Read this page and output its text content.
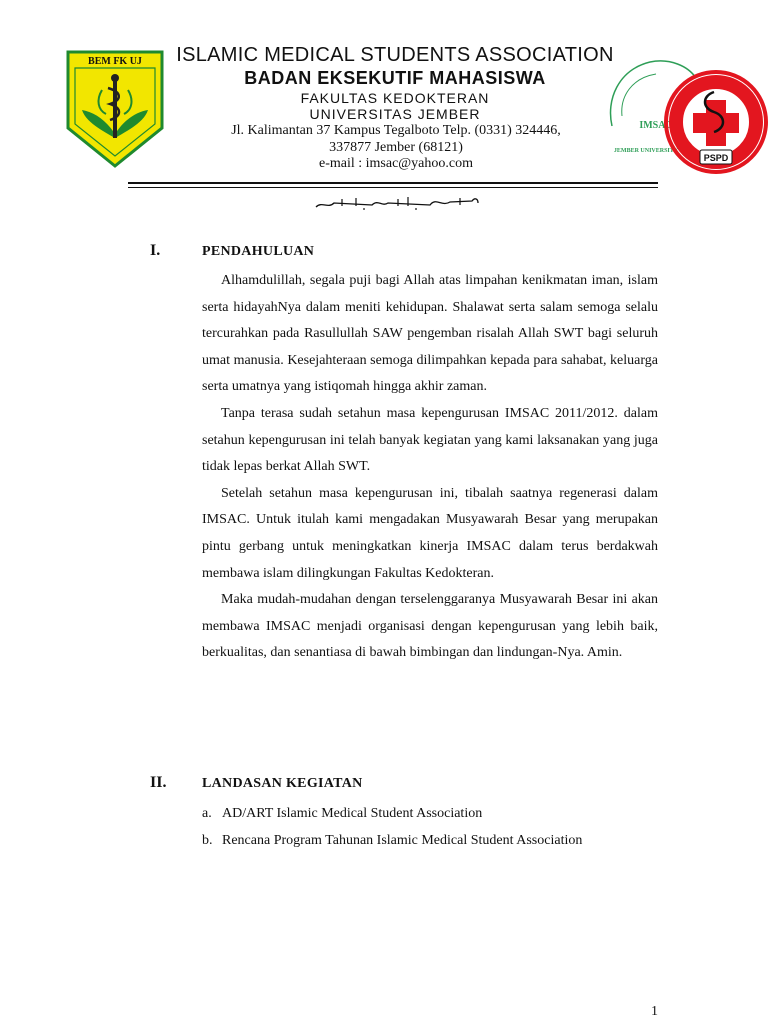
BEM FK UJ	ISLAMIC MEDICAL STUDENTS ASSOCIATION
BADAN EKSEKUTIF MAHASISWA
FAKULTAS KEDOKTERAN
UNIVERSITAS JEMBER
Jl. Kalimantan 37 Kampus Tegalboto Telp. (0331) 324446,
337877 Jember (68121)
e-mail : imsac@yahoo.com
IMSAC
JEMBER UNIVERSITY
PSPD
I.	PENDAHULUAN

Alhamdulillah, segala puji bagi Allah atas limpahan kenikmatan iman, islam serta hidayahNya dalam meniti kehidupan. Shalawat serta salam semoga selalu tercurahkan pada Rasullullah SAW pengemban risalah Allah SWT bagi seluruh umat manusia. Kesejahteraan semoga dilimpahkan kepada para sahabat, keluarga serta umatnya yang istiqomah hingga akhir zaman.

Tanpa terasa sudah setahun masa kepengurusan IMSAC 2011/2012. dalam setahun kepengurusan ini telah banyak kegiatan yang kami laksanakan yang juga tidak lepas berkat Allah SWT.

Setelah setahun masa kepengurusan ini, tibalah saatnya regenerasi dalam IMSAC. Untuk itulah kami mengadakan Musyawarah Besar yang merupakan pintu gerbang untuk meningkatkan kinerja IMSAC dalam terus berdakwah membawa islam dilingkungan Fakultas Kedokteran.

Maka mudah-mudahan dengan terselenggaranya Musyawarah Besar ini akan membawa IMSAC menjadi organisasi dengan kepengurusan yang lebih baik, berkualitas, dan senantiasa di bawah bimbingan dan lindungan-Nya. Amin.

II.	LANDASAN KEGIATAN
a. AD/ART Islamic Medical Student Association
b. Rencana Program Tahunan Islamic Medical Student Association
1
